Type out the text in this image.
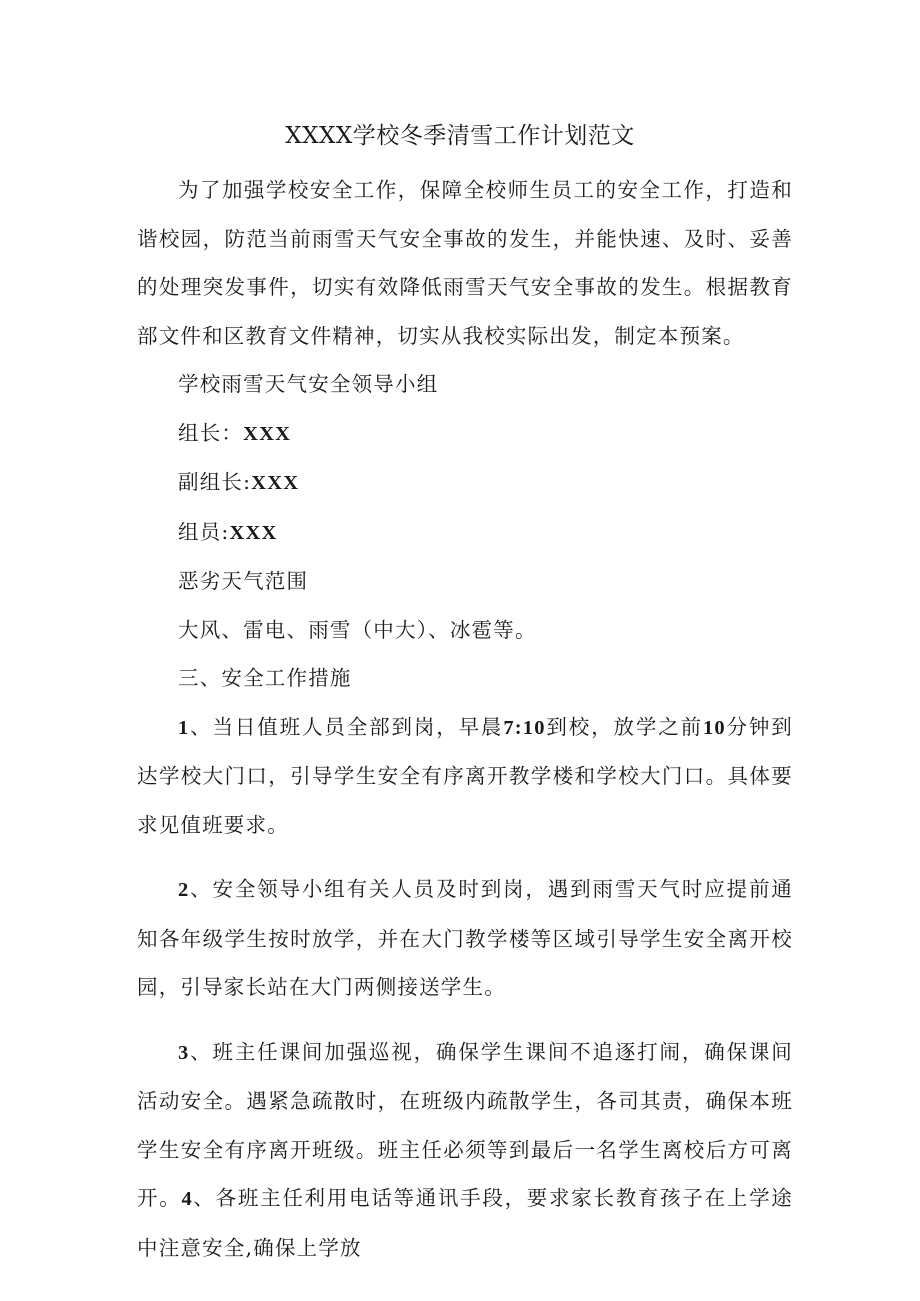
XXXX学校冬季清雪工作计划范文

为了加强学校安全工作，保障全校师生员工的安全工作，打造和谐校园，防范当前雨雪天气安全事故的发生，并能快速、及时、妥善的处理突发事件，切实有效降低雨雪天气安全事故的发生。根据教育部文件和区教育文件精神，切实从我校实际出发，制定本预案。

学校雨雪天气安全领导小组

组长：XXX

副组长:XXX

组员:XXX

恶劣天气范围

大风、雷电、雨雪（中大）、冰雹等。

三、安全工作措施

1、当日值班人员全部到岗，早晨7:10到校，放学之前10分钟到达学校大门口，引导学生安全有序离开教学楼和学校大门口。具体要求见值班要求。

2、安全领导小组有关人员及时到岗，遇到雨雪天气时应提前通知各年级学生按时放学，并在大门教学楼等区域引导学生安全离开校园，引导家长站在大门两侧接送学生。

3、班主任课间加强巡视，确保学生课间不追逐打闹，确保课间活动安全。遇紧急疏散时，在班级内疏散学生，各司其责，确保本班学生安全有序离开班级。班主任必须等到最后一名学生离校后方可离开。4、各班主任利用电话等通讯手段，要求家长教育孩子在上学途中注意安全,确保上学放
